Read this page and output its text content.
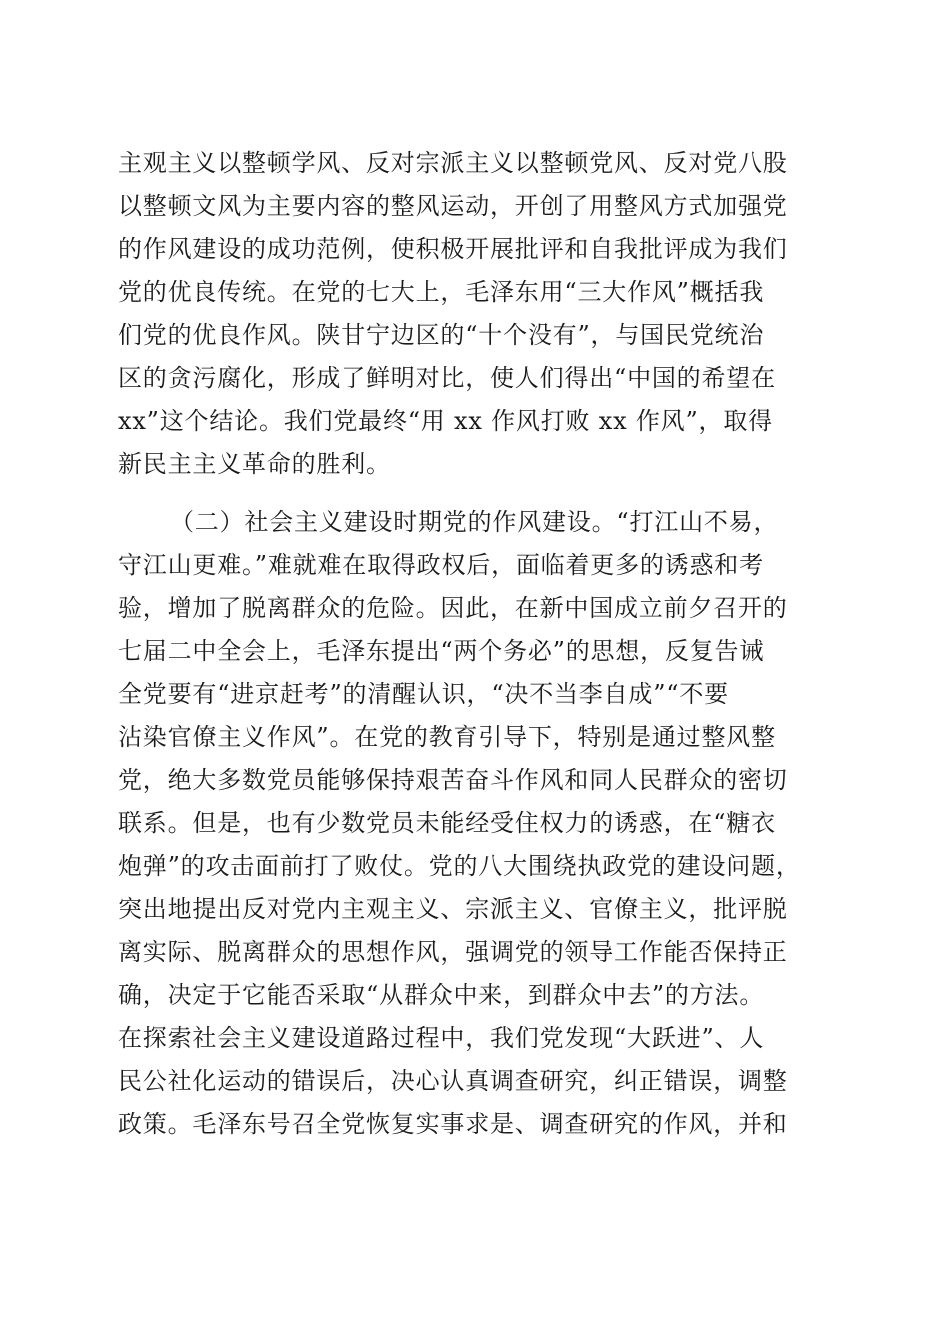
主观主义以整顿学风、反对宗派主义以整顿党风、反对党八股
以整顿文风为主要内容的整风运动，开创了用整风方式加强党
的作风建设的成功范例，使积极开展批评和自我批评成为我们
党的优良传统。在党的七大上，毛泽东用“三大作风”概括我
们党的优良作风。陕甘宁边区的“十个没有”，与国民党统治
区的贪污腐化，形成了鲜明对比，使人们得出“中国的希望在
xx”这个结论。我们党最终“用 xx 作风打败 xx 作风”，取得
新民主主义革命的胜利。
（二）社会主义建设时期党的作风建设。“打江山不易，
守江山更难。”难就难在取得政权后，面临着更多的诱惑和考
验，增加了脱离群众的危险。因此，在新中国成立前夕召开的
七届二中全会上，毛泽东提出“两个务必”的思想，反复告诫
全党要有“进京赶考”的清醒认识，“决不当李自成”“不要
沾染官僚主义作风”。在党的教育引导下，特别是通过整风整
党，绝大多数党员能够保持艰苦奋斗作风和同人民群众的密切
联系。但是，也有少数党员未能经受住权力的诱惑，在“糖衣
炮弹”的攻击面前打了败仗。党的八大围绕执政党的建设问题，
突出地提出反对党内主观主义、宗派主义、官僚主义，批评脱
离实际、脱离群众的思想作风，强调党的领导工作能否保持正
确，决定于它能否采取“从群众中来，到群众中去”的方法。
在探索社会主义建设道路过程中，我们党发现“大跃进”、人
民公社化运动的错误后，决心认真调查研究，纠正错误，调整
政策。毛泽东号召全党恢复实事求是、调查研究的作风，并和
